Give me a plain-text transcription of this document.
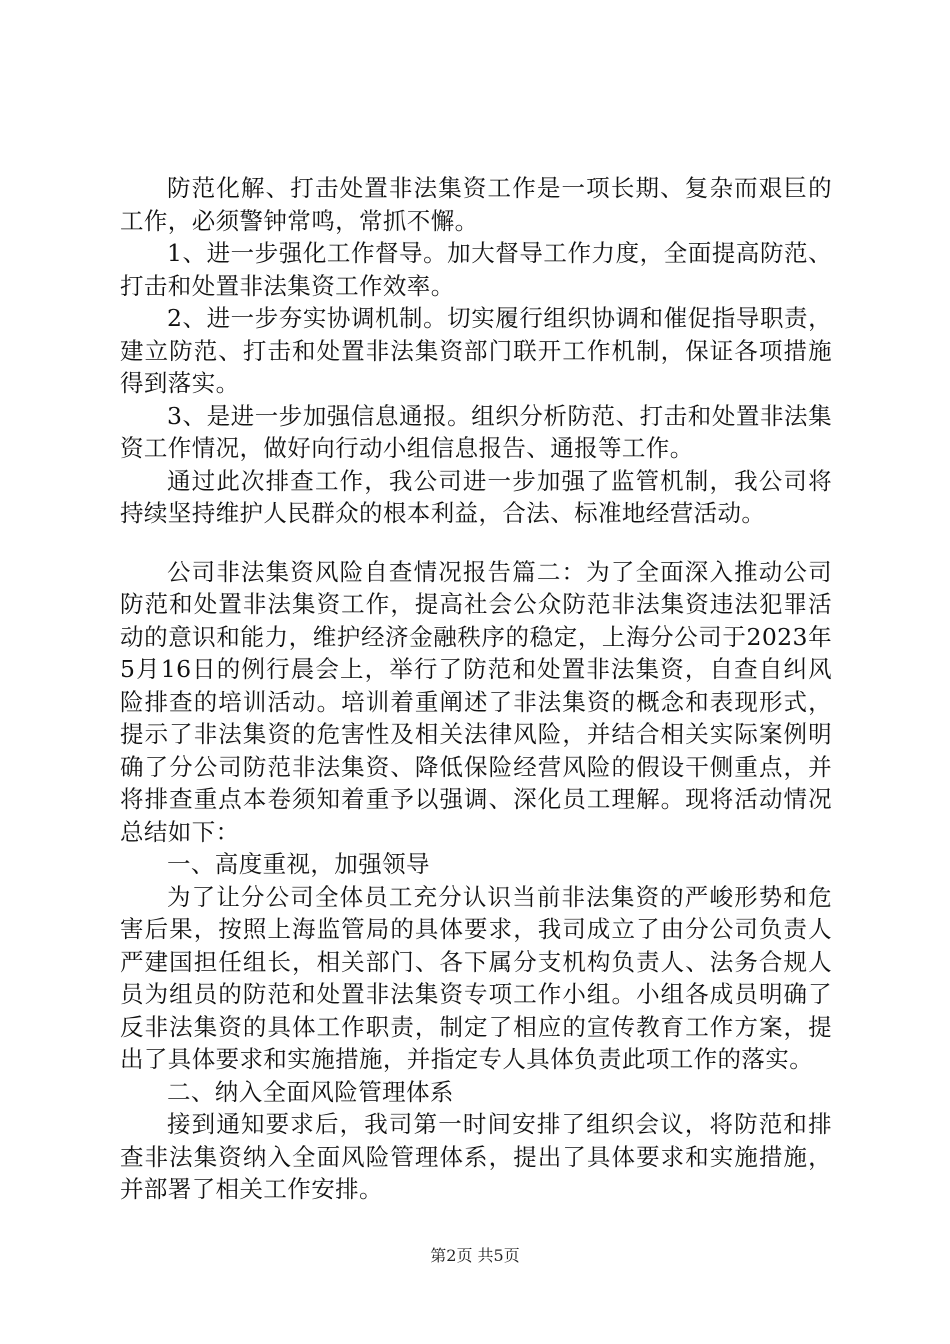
防范化解、打击处置非法集资工作是一项长期、复杂而艰巨的工作，必须警钟常鸣，常抓不懈。

1、进一步强化工作督导。加大督导工作力度，全面提高防范、打击和处置非法集资工作效率。

2、进一步夯实协调机制。切实履行组织协调和催促指导职责，建立防范、打击和处置非法集资部门联开工作机制，保证各项措施得到落实。

3、是进一步加强信息通报。组织分析防范、打击和处置非法集资工作情况，做好向行动小组信息报告、通报等工作。

通过此次排查工作，我公司进一步加强了监管机制，我公司将持续坚持维护人民群众的根本利益，合法、标准地经营活动。

公司非法集资风险自查情况报告篇二：为了全面深入推动公司防范和处置非法集资工作，提高社会公众防范非法集资违法犯罪活动的意识和能力，维护经济金融秩序的稳定，上海分公司于2023年5月16日的例行晨会上，举行了防范和处置非法集资，自查自纠风险排查的培训活动。培训着重阐述了非法集资的概念和表现形式，提示了非法集资的危害性及相关法律风险，并结合相关实际案例明确了分公司防范非法集资、降低保险经营风险的假设干侧重点，并将排查重点本卷须知着重予以强调、深化员工理解。现将活动情况总结如下：

一、高度重视，加强领导

为了让分公司全体员工充分认识当前非法集资的严峻形势和危害后果，按照上海监管局的具体要求，我司成立了由分公司负责人严建国担任组长，相关部门、各下属分支机构负责人、法务合规人员为组员的防范和处置非法集资专项工作小组。小组各成员明确了反非法集资的具体工作职责，制定了相应的宣传教育工作方案，提出了具体要求和实施措施，并指定专人具体负责此项工作的落实。

二、纳入全面风险管理体系

接到通知要求后，我司第一时间安排了组织会议，将防范和排查非法集资纳入全面风险管理体系，提出了具体要求和实施措施，并部署了相关工作安排。

第2页 共5页
